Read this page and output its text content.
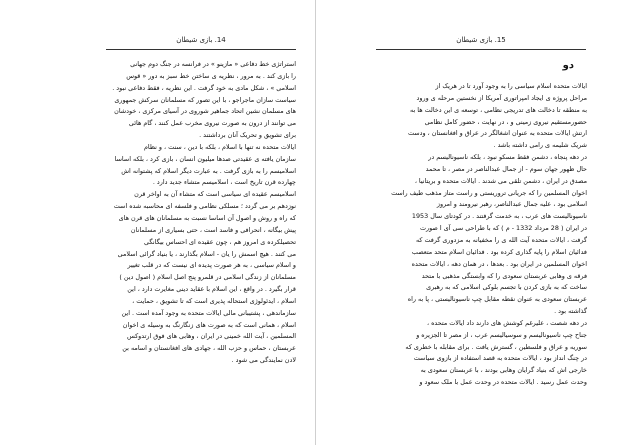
14. بازی شیطان
استراتژی خط دفاعی « مازینو » در فرانسه در جنگ دوم جهانی
را بازی کند . به مرور ، نظریه ی ساختن خط سبز به دور « قوس
اسلامی » ، شکل مادی به خود گرفت . این نظریه ، فقط دفاعی نبود .
سیاست سازان ماجراجو ، با این تصور که مسلمانان سرکش جمهوری
های مسلمان نشین اتحاد جماهیر شوروی در آسیای مرکزی ، خودشان
می توانند از درون به صورت نیروی مخرب عمل کنند ، گام هائی
برای تشویق و تحریک آنان برداشتند .
ایالات متحده نه تنها با اسلام ، بلکه با دین ، سنت ، و نظام
سازمان یافته ی عقیدتی صدها میلیون انسان ، بازی کرد ، بلکه اساسا
اسلامیسم را به بازی گرفت . به عبارت دیگر اسلام که پشتوانه اش
چهارده قرن تاریخ است ، اسلامیسم متشاء جدید دارد .
اسلامیسم عقیده ای سیاسی است که متشاء آن به اواخر قرن
نوزدهم بر می گردد ؛ مسلکی نظامی و فلسفه ای محاسبه شده است
که راه و روش و اصول آن اساسا نسبت به مسلمانان های قرن های
پیش بیگانه ، انحرافی و فاسد است ، حتی بسیاری از مسلمانان
تحصیلکرده ی امروز هم ، چون عقیده ای احساس بیگانگی
می کنند . هیچ اسمش را یان - اسلام بگذارند ، یا بنیاد گرائی اسلامی
و اسلام سیاسی ، به هر صورت پدیده ای نیست که در قلب تغییر
مسلمانان از زندگی اسلامی در قلمرو پنج اصل اسلام ( اصول دین )
قرار بگیرد . در واقع ، این اسلام با عقاید دینی مغایرت دارد ، این
اسلام ، ایدئولوژی استحاله پذیری است که تا تشویق ، حمایت ،
سازماندهی ، پشتیبانی مالی ایالات متحده به وجود آمده است . این
اسلام ، همانی است که به صورت های زنگارنگ به وسیله ی اخوان
المسلمین ، آیت الله خمینی در ایران ، وهابی های فوق ارتدوکس
عربستان ، حماس و حزب الله ، جهادی های افغانستان و اسامه بن
لادن نمایندگی می شود .
15. بازی شیطان
دو
ایالات متحده اسلام سیاسی را به وجود آورد تا در هریک از
مراحل پروژه ی ایجاد امپراتوری آمریکا از نخستین مرحله ی ورود
به منطقه تا دخالت های تدریجی نظامی ، توسعه ی این دخالت ها به
حضورمستقیم نیروی زمینی و ، در نهایت ، حضور کامل نظامی
ارتش ایالات متحده به عنوان اشغالگر در عراق و افغانستان ، ودست
شریک شلیمه ی رامی داشته باشد .
در دهه پنجاه ، دشمن فقط مسکو نبود ، بلکه ناسیونالیسم در
حال ظهور جهان سوم - از جمال عبدالناصر در مصر ، تا محمد
مصدق در ایران ، دشمن تلقی می شدند . ایالات متحده و بریتانیا ،
اخوان المسلمین را که جریانی تروریستی و راست متاز مذهب طیف راست
اسلامی بود ، علیه جمال عبدالناصر، رهبر نیرومند و امروز
ناسیونالیست های عرب ، به خدمت گرفتند . در کودتای سال 1953
در ایران ( 28 مرداد 1332 - م ) که با طراحی سی آی ا صورت
گرفت ، ایالات متحده آیت الله ی را مخفیانه به مزدوری گرفت که
فدائیان اسلام را پایه گذاری کرده بود . فدائیان اسلام متحد متعصب
اخوان المسلمین در ایران بود . بعدها ، در همان دهه ، ایالات متحده
فرقه ی وهابی عربستان سعودی را که وابستگی مذهبی با متحد
ساخت که به بازی کردن با تجسم بلوکی اسلامی که به رهبری
عربستان سعودی به عنوان نقطه مقابل چپ ناسیونالیستی ، پا به راه
گذاشته بود .
در دهه شصت ، علیرغم کوشش های دارند داد ایالات متحده ،
جناح چپ ناسیونالیسم و سوسیالیسم عرب ، از مصر تا الجزیره و
سوریه و عراق و فلسطین ، گسترش یافت . برای مقابله با خطری که
در چنگ انداز بود ، ایالات متحده به قصد استفاده از بازوی سیاست
خارجی اش که بنیاد گرایان وهابی بودند ، با عربستان سعودی به
وحدت عمل رسید . ایالات متحده در وحدت عمل با ملک سعود و
